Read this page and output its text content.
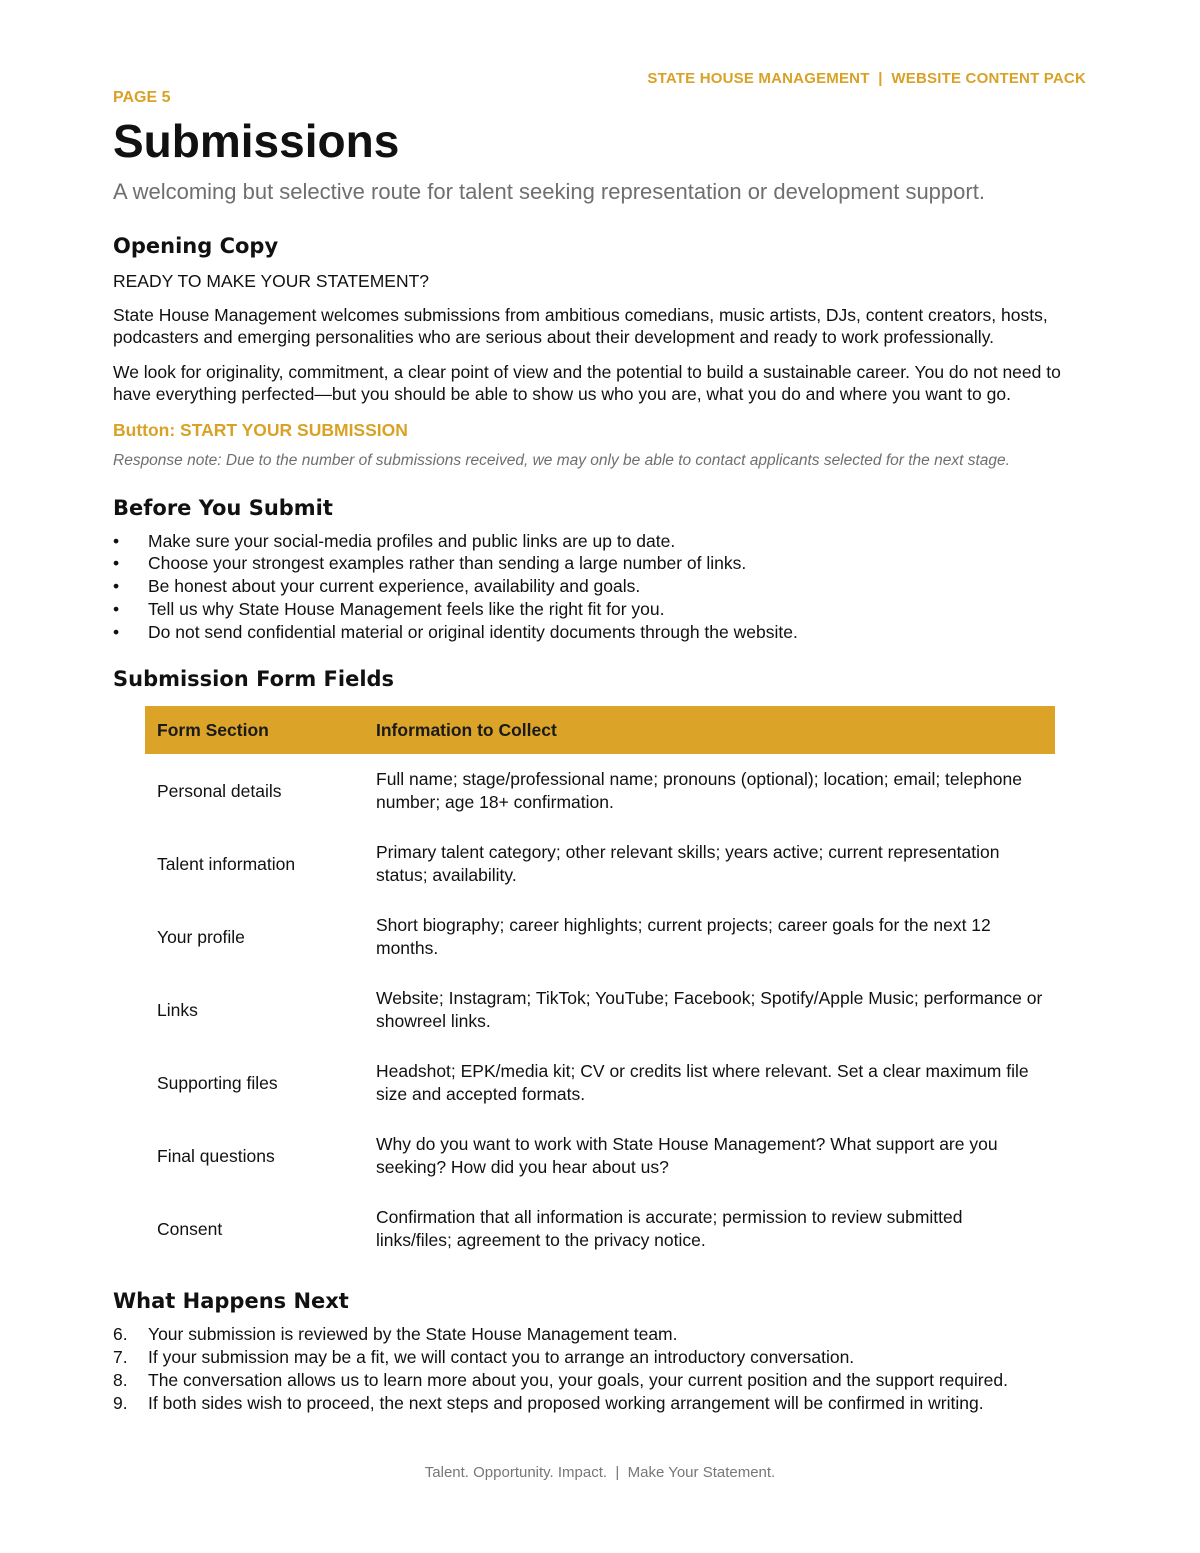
STATE HOUSE MANAGEMENT  |  WEBSITE CONTENT PACK

PAGE 5

Submissions

A welcoming but selective route for talent seeking representation or development support.

Opening Copy

READY TO MAKE YOUR STATEMENT?

State House Management welcomes submissions from ambitious comedians, music artists, DJs, content creators, hosts, podcasters and emerging personalities who are serious about their development and ready to work professionally.

We look for originality, commitment, a clear point of view and the potential to build a sustainable career. You do not need to have everything perfected—but you should be able to show us who you are, what you do and where you want to go.

Button: START YOUR SUBMISSION
Response note: Due to the number of submissions received, we may only be able to contact applicants selected for the next stage.
Before You Submit
• Make sure your social-media profiles and public links are up to date.
• Choose your strongest examples rather than sending a large number of links.
• Be honest about your current experience, availability and goals.
• Tell us why State House Management feels like the right fit for you.
• Do not send confidential material or original identity documents through the website.
Submission Form Fields
Form Section	Information to Collect
Personal details	Full name; stage/professional name; pronouns (optional); location; email; telephone number; age 18+ confirmation.
Talent information	Primary talent category; other relevant skills; years active; current representation status; availability.
Your profile	Short biography; career highlights; current projects; career goals for the next 12 months.
Links	Website; Instagram; TikTok; YouTube; Facebook; Spotify/Apple Music; performance or showreel links.
Supporting files	Headshot; EPK/media kit; CV or credits list where relevant. Set a clear maximum file size and accepted formats.
Final questions	Why do you want to work with State House Management? What support are you seeking? How did you hear about us?
Consent	Confirmation that all information is accurate; permission to review submitted links/files; agreement to the privacy notice.
What Happens Next
6. Your submission is reviewed by the State House Management team.
7. If your submission may be a fit, we will contact you to arrange an introductory conversation.
8. The conversation allows us to learn more about you, your goals, your current position and the support required.
9. If both sides wish to proceed, the next steps and proposed working arrangement will be confirmed in writing.
Talent. Opportunity. Impact.  |  Make Your Statement.
